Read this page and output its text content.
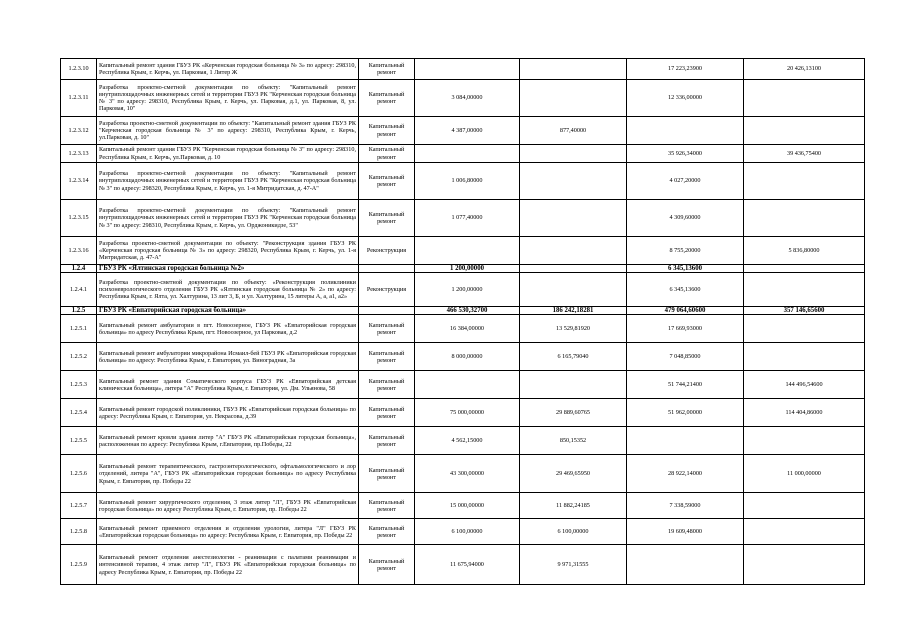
1.2.3.10	Капитальный ремонт здания ГБУЗ РК «Керченская городская больница № 3» по адресу: 298310, Республика Крым, г. Керчь, ул. Парковая, 1 Литер Ж	Капитальный ремонт			17 223,23900	20 426,13100
1.2.3.11	Разработка проектно-сметной документации по объекту: "Капитальный ремонт внутриплощадочных инженерных сетей и территории ГБУЗ РК "Керченская городская больница № 3" по адресу: 298310, Республика Крым, г. Керчь, ул. Парковая, д.1, ул. Парковая, 8, ул. Парковая, 10"	Капитальный ремонт	3 084,00000		12 336,00000	
1.2.3.12	Разработка проектно-сметной документации по объекту: "Капитальный ремонт здания ГБУЗ РК "Керченская городская больница № 3" по адресу: 298310, Республика Крым, г. Керчь, ул.Парковая, д. 10"	Капитальный ремонт	4 387,00000	877,40000		
1.2.3.13	Капитальный ремонт здания ГБУЗ РК "Керченская городская больница № 3" по адресу: 298310, Республика Крым, г. Керчь, ул.Парковая, д. 10	Капитальный ремонт			35 926,34000	39 436,75400
1.2.3.14	Разработка проектно-сметной документации по объекту: "Капитальный ремонт внутриплощадочных инженерных сетей и территории ГБУЗ РК "Керченская городская больница № 3" по адресу: 298320, Республика Крым, г. Керчь, ул. 1-я Митридатская, д. 47-А"	Капитальный ремонт	1 006,80000		4 027,20000	
1.2.3.15	Разработка проектно-сметной документации по объекту: "Капитальный ремонт внутриплощадочных инженерных сетей и территории ГБУЗ РК "Керченская городская больница № 3" по адресу: 298310, Республика Крым, г. Керчь, ул. Орджоникидзе, 53"	Капитальный ремонт	1 077,40000		4 309,60000	
1.2.3.16	Разработка проектно-сметной документации по объекту: "Реконструкция здания ГБУЗ РК «Керченская городская больница № 3» по адресу: 298320, Республика Крым, г. Керчь, ул. 1-я Митридатская, д. 47-А"	Реконструкция			8 755,20000	5 836,80000
1.2.4	ГБУЗ РК «Ялтинская городская больница №2»		1 200,00000		6 345,13600	
1.2.4.1	Разработка проектно-сметной документации по объекту: «Реконструкция поликлиники психоневрологического отделения ГБУЗ РК «Ялтинская городская больница № 2» по адресу: Республика Крым, г. Ялта, ул. Халтурина, 13 лит 3, Б, и ул. Халтурина, 15 литеры А, а, а1, а2»	Реконструкция	1 200,00000		6 345,13600	
1.2.5	ГБУЗ РК «Евпаторийская городская больница»		466 530,32700	186 242,18281	479 064,60600	357 146,65600
1.2.5.1	Капитальный ремонт амбулатории в пгт. Новоозерное, ГБУЗ РК «Евпаторийская городская больница» по адресу Республика Крым, пгт. Новоозерное, ул Парковая, д.2	Капитальный ремонт	16 384,00000	13 529,81920	17 669,93000	
1.2.5.2	Капитальный ремонт амбулатории микрорайона Исмаил-бей ГБУЗ РК «Евпаторийская городская больница» по адресу: Республика Крым, г. Евпатория, ул. Виноградная, 3а	Капитальный ремонт	8 000,00000	6 165,79040	7 048,85000	
1.2.5.3	Капитальный ремонт здания Соматического корпуса ГБУЗ РК «Евпаторийская детская клиническая больница», литера "А" Республика Крым, г. Евпатория, ул. Дм. Ульянова, 58	Капитальный ремонт			51 744,21400	144 496,54600
1.2.5.4	Капитальный ремонт городской поликлиники, ГБУЗ РК «Евпаторийская городская больница» по адресу: Республика Крым, г. Евпатория, ул. Некрасова, д.39	Капитальный ремонт	75 000,00000	29 889,60765	51 962,00000	114 404,86000
1.2.5.5	Капитальный ремонт кровли здания литер "А" ГБУЗ РК «Евпаторийская городская больница», расположенная по адресу: Республика Крым, г.Евпатория, пр.Победы, 22	Капитальный ремонт	4 562,15000	850,15352		
1.2.5.6	Капитальный ремонт терапевтического, гастроэнтерологического, офтальмологического и лор отделений, литера "А", ГБУЗ РК «Евпаторийская городская больница» по адресу Республика Крым, г. Евпатория, пр. Победы 22	Капитальный ремонт	43 300,00000	29 469,65950	28 922,14000	11 000,00000
1.2.5.7	Капитальный ремонт хирургического отделения, 3 этаж литер "Л", ГБУЗ РК «Евпаторийская городская больница» по адресу Республика Крым, г. Евпатория, пр. Победы 22	Капитальный ремонт	15 000,00000	11 882,24185	7 338,59000	
1.2.5.8	Капитальный ремонт приемного отделения и отделения урологии, литера "Л" ГБУЗ РК «Евпаторийская городская больница» по адресу: Республика Крым, г. Евпатория, пр. Победы 22	Капитальный ремонт	6 100,00000	6 100,00000	19 609,48000	
1.2.5.9	Капитальный ремонт отделения анестезиологии - реанимации с палатами реанимации и интенсивной терапии, 4 этаж литер "Л", ГБУЗ РК «Евпаторийская городская больница» по адресу Республика Крым, г. Евпатория, пр. Победы 22	Капитальный ремонт	11 675,94000	9 971,31555		
